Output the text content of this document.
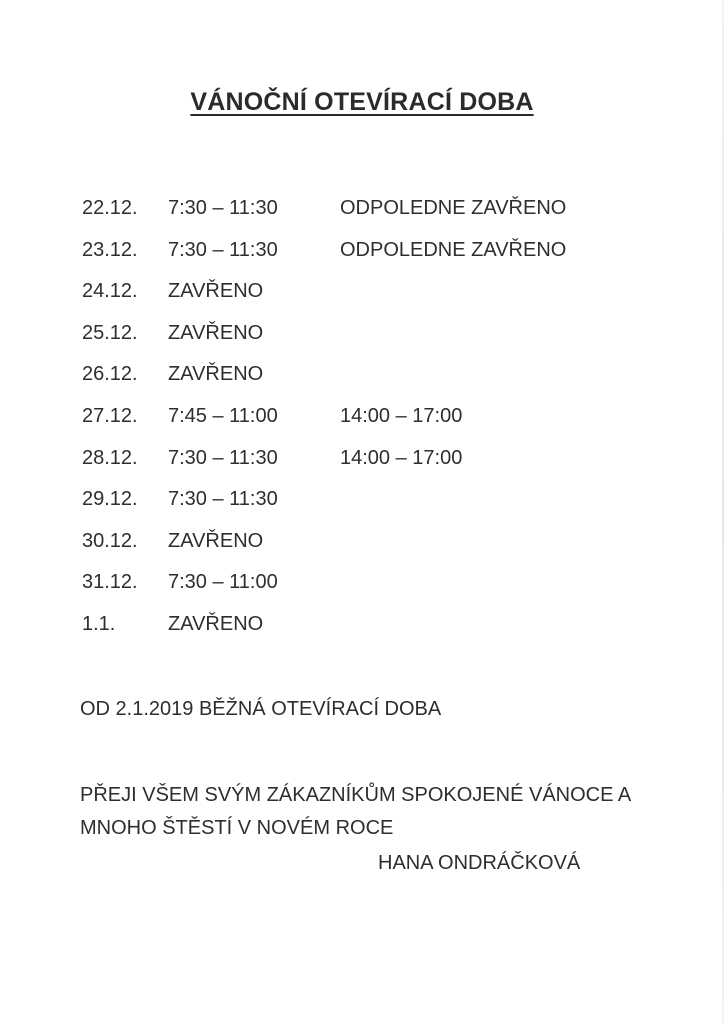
VÁNOČNÍ OTEVÍRACÍ DOBA
22.12. 7:30 – 11:30	ODPOLEDNE ZAVŘENO
23.12. 7:30 – 11:30	ODPOLEDNE ZAVŘENO
24.12. ZAVŘENO
25.12. ZAVŘENO
26.12. ZAVŘENO
27.12. 7:45 – 11:00	14:00 – 17:00
28.12. 7:30 – 11:30	14:00 – 17:00
29.12. 7:30 – 11:30
30.12. ZAVŘENO
31.12. 7:30 – 11:00
1.1.	ZAVŘENO
OD 2.1.2019 BĚŽNÁ OTEVÍRACÍ DOBA
PŘEJI VŠEM SVÝM ZÁKAZNÍKŮM SPOKOJENÉ VÁNOCE A
MNOHO ŠTĚSTÍ V NOVÉM ROCE
HANA ONDRÁČKOVÁ
